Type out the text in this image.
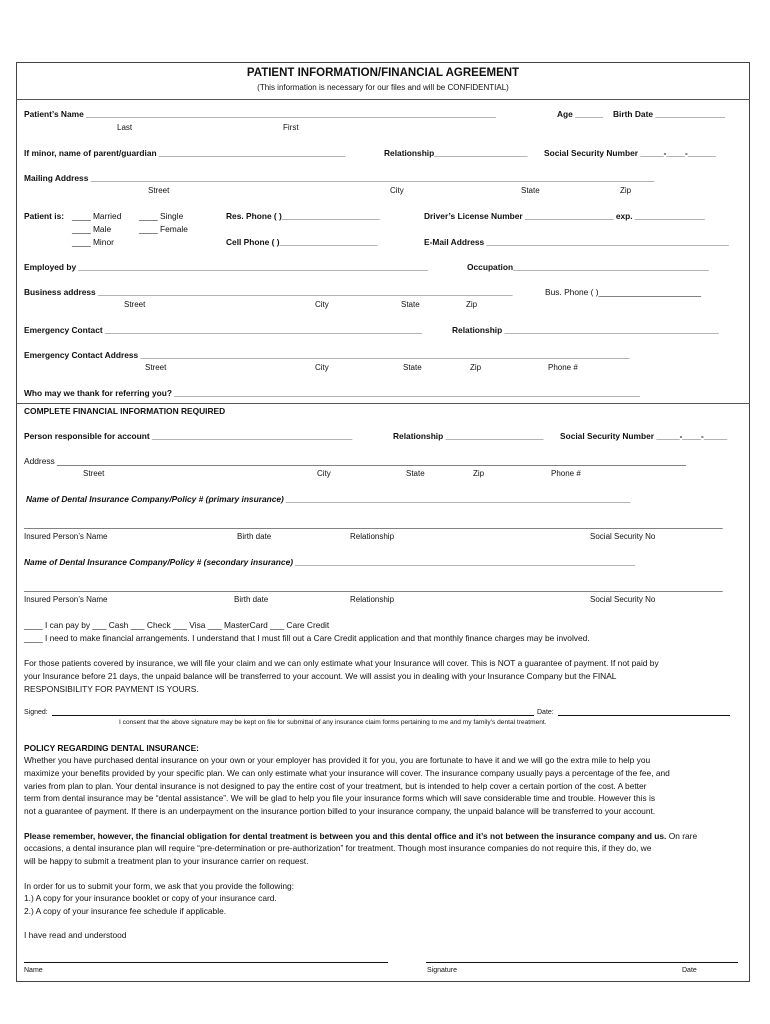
PATIENT INFORMATION/FINANCIAL AGREEMENT
(This information is necessary for our files and will be CONFIDENTIAL)
Patient’s Name ________________________________________________________________________________________	Age ______ Birth Date _______________
Last	First
If minor, name of parent/guardian ________________________________________	Relationship____________________ Social Security Number _____-____-______
Mailing Address _________________________________________________________________________________________________________________________
Street	City	State	Zip
Patient is: ____ Married ____ Single
____ Male	____ Female
____ Minor
Res. Phone ( )_____________________	Driver’s License Number ___________________ exp. _______________
Cell Phone ( )_____________________	E-Mail Address ____________________________________________________
Employed by ___________________________________________________________________________	Occupation__________________________________________
Business address _________________________________________________________________________________________	Bus. Phone ( )______________________
Street	City	State	Zip
Emergency Contact ____________________________________________________________________	Relationship ______________________________________________
Emergency Contact Address _________________________________________________________________________________________________________
Street	City	State	Zip	Phone #
Who may we thank for referring you? ____________________________________________________________________________________________________
COMPLETE FINANCIAL INFORMATION REQUIRED
Person responsible for account ___________________________________________	Relationship _____________________ Social Security Number _____-____-_____
Address _______________________________________________________________________________________________________________________________________
Street	City	State	Zip	Phone #
Name of Dental Insurance Company/Policy # (primary insurance) __________________________________________________________________________
______________________________________________________________________________________________________________________________________________________
Insured Person’s Name	Birth date	Relationship	Social Security No
Name of Dental Insurance Company/Policy # (secondary insurance) _________________________________________________________________________
______________________________________________________________________________________________________________________________________________________
Insured Person’s Name	Birth date	Relationship	Social Security No
____ I can pay by ___ Cash ___ Check ___ Visa ___ MasterCard ___ Care Credit
____ I need to make financial arrangements. I understand that I must fill out a Care Credit application and that monthly finance charges may be involved.
For those patients covered by insurance, we will file your claim and we can only estimate what your Insurance will cover. This is NOT a guarantee of payment. If not paid by
your Insurance before 21 days, the unpaid balance will be transferred to your account. We will assist you in dealing with your Insurance Company but the FINAL
RESPONSIBILITY FOR PAYMENT IS YOURS.
Signed:	Date:
I consent that the above signature may be kept on file for submittal of any insurance claim forms pertaining to me and my family’s dental treatment.
POLICY REGARDING DENTAL INSURANCE:
Whether you have purchased dental insurance on your own or your employer has provided it for you, you are fortunate to have it and we will go the extra mile to help you
maximize your benefits provided by your specific plan. We can only estimate what your insurance will cover. The insurance company usually pays a percentage of the fee, and
varies from plan to plan. Your dental insurance is not designed to pay the entire cost of your treatment, but is intended to help cover a certain portion of the cost. A better
term from dental insurance may be “dental assistance”. We will be glad to help you file your insurance forms which will save considerable time and trouble. However this is
not a guarantee of payment. If there is an underpayment on the insurance portion billed to your insurance company, the unpaid balance will be transferred to your account.
Please remember, however, the financial obligation for dental treatment is between you and this dental office and it’s not between the insurance company and us. On rare
occasions, a dental insurance plan will require “pre-determination or pre-authorization” for treatment. Though most insurance companies do not require this, if they do, we
will be happy to submit a treatment plan to your insurance carrier on request.
In order for us to submit your form, we ask that you provide the following:
1.) A copy for your insurance booklet or copy of your insurance card.
2.) A copy of your insurance fee schedule if applicable.
I have read and understood
Name	Signature	Date
